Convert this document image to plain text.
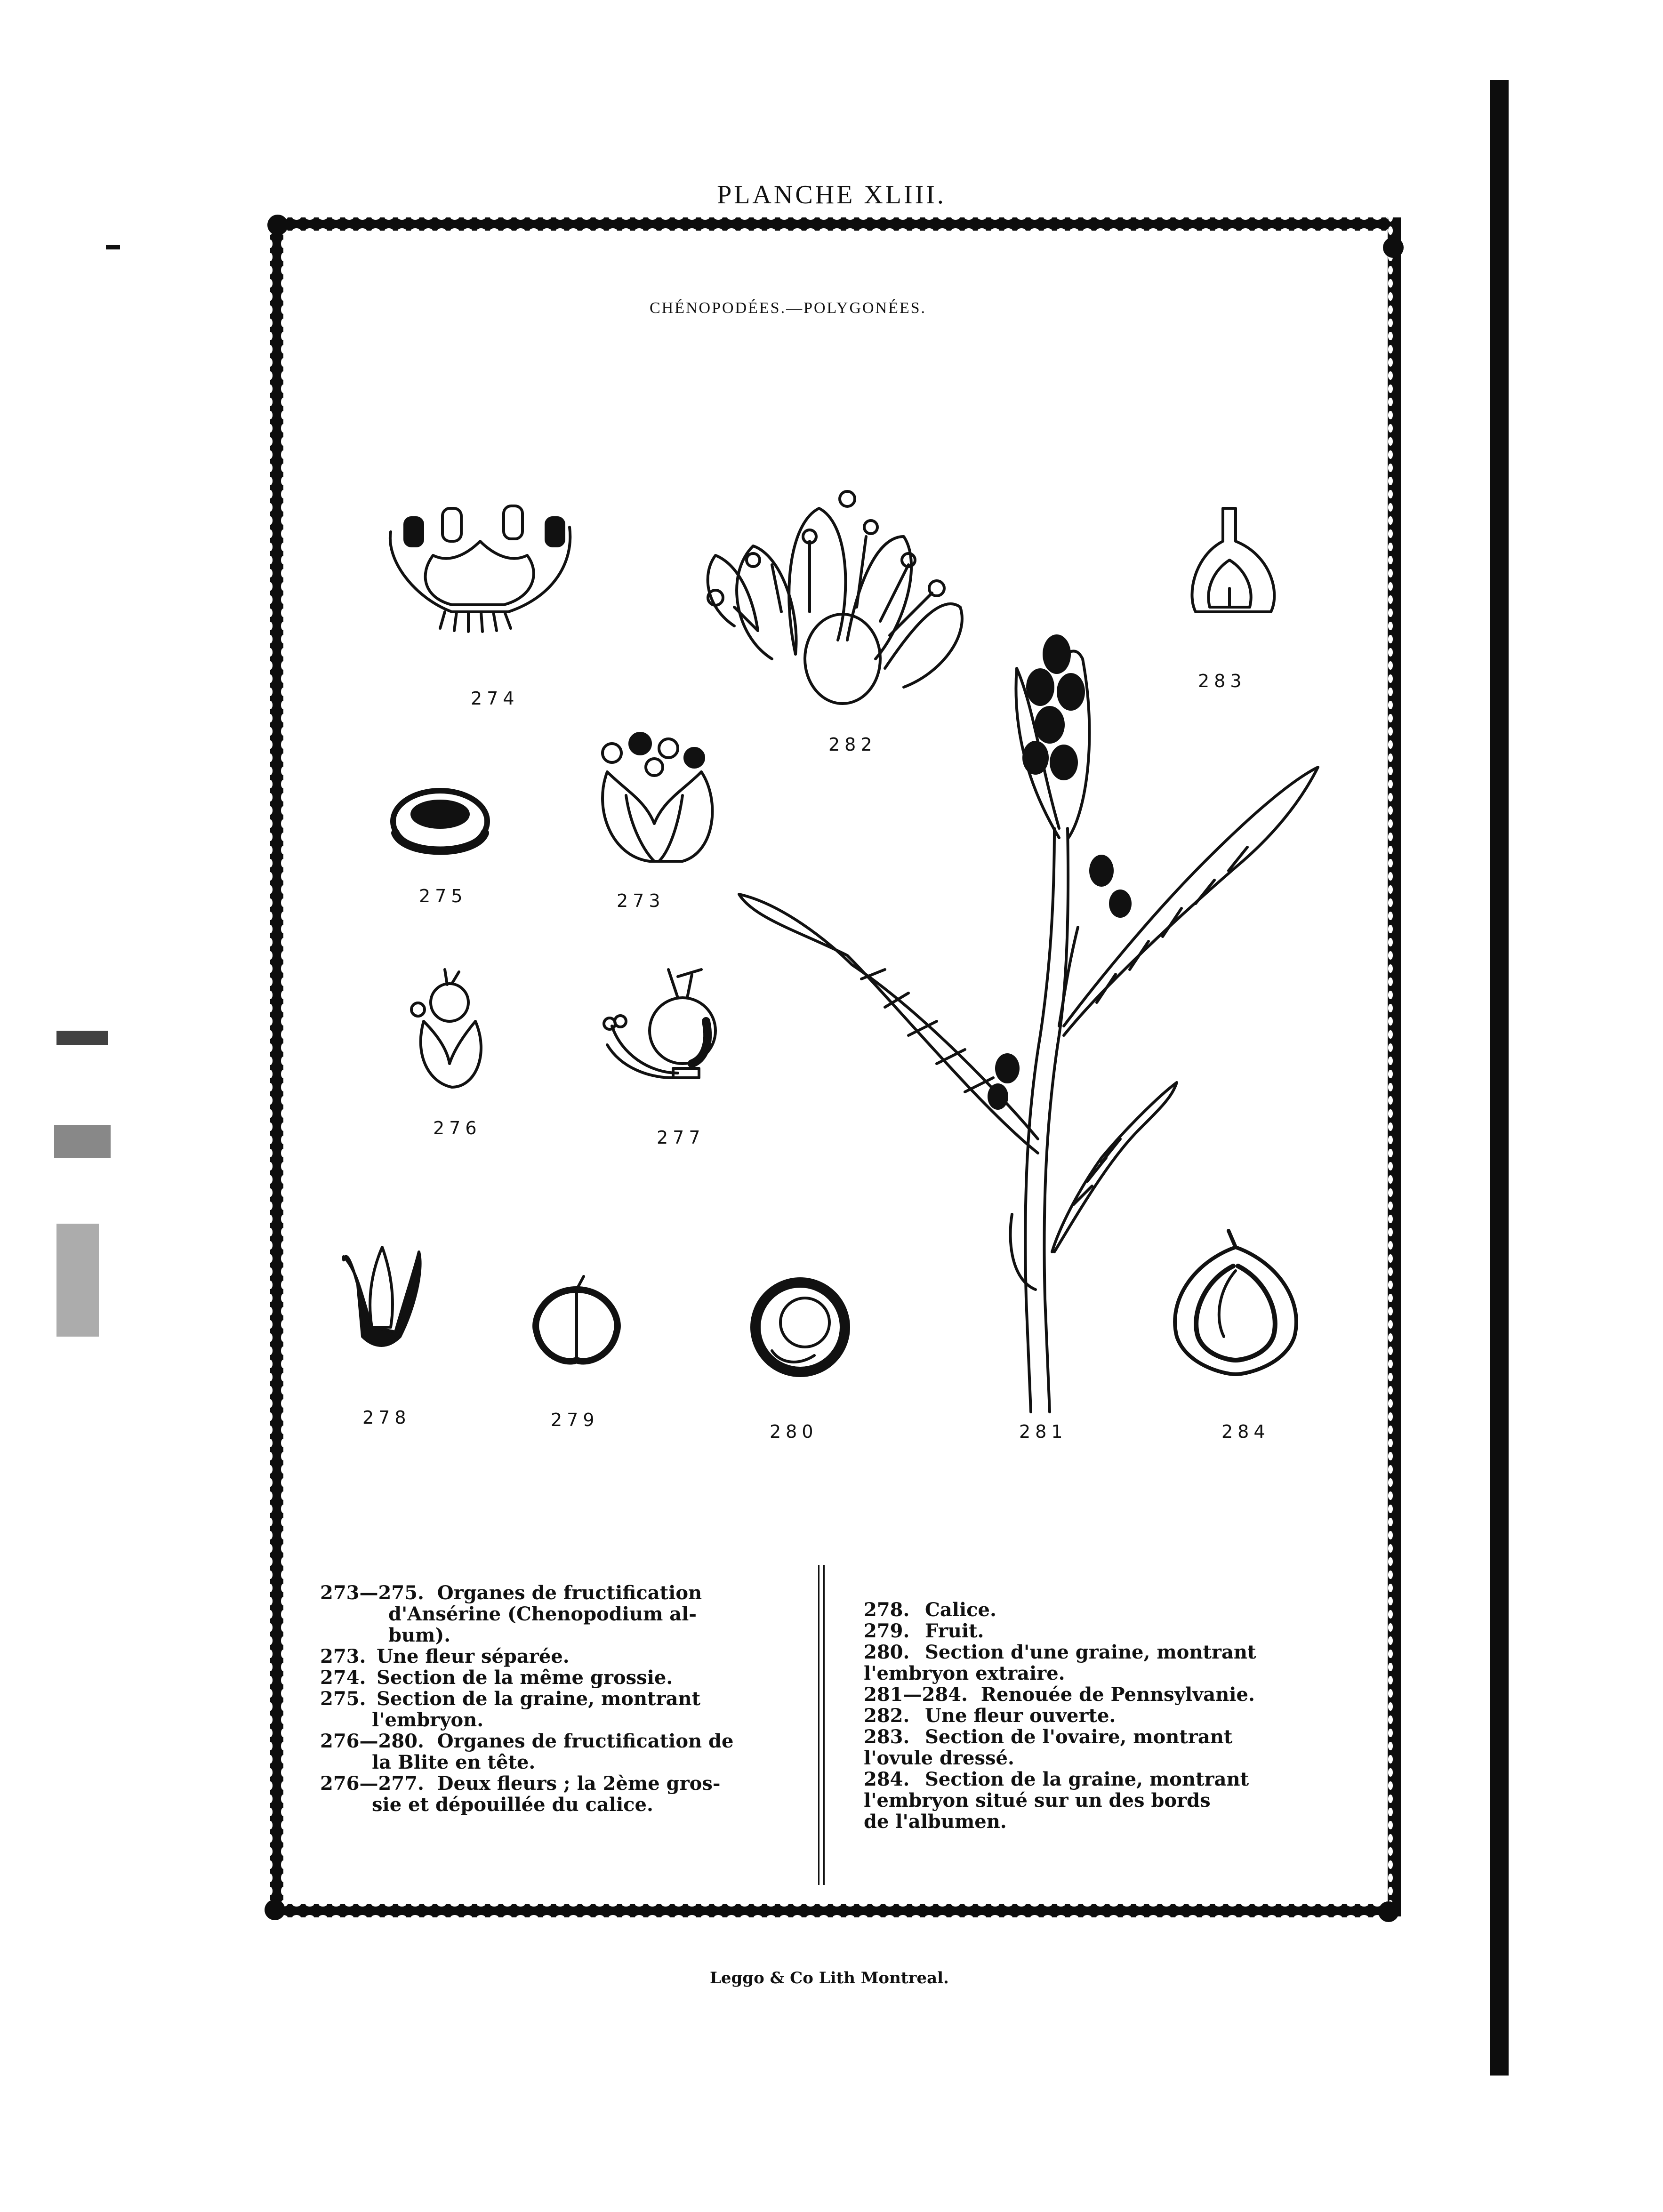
PLANCHE XLIII.
CHÉNOPODÉES.—POLYGONÉES.
274
282
283
275	273
276	277
278	279
280	281	284
273—275.
Organes de fructification
d'Ansérine (Chenopodium al-
bum).
273. Une fleur séparée.
274. Section de la même grossie.
275. Section de la graine, montrant
l'embryon.
276—280.
Organes de fructification de
la Blite en tête.
276—277.
Deux fleurs ; la 2ème gros-
sie et dépouillée du calice.
278. Calice.
279. Fruit.
280. Section d'une graine, montrant
l'embryon extraire.
281—284.
Renouée de Pennsylvanie.
282. Une fleur ouverte.
283. Section de l'ovaire, montrant
l'ovule dressé.
284. Section de la graine, montrant
l'embryon situé sur un des bords
de l'albumen.
Leggo & Co Lith Montreal.
